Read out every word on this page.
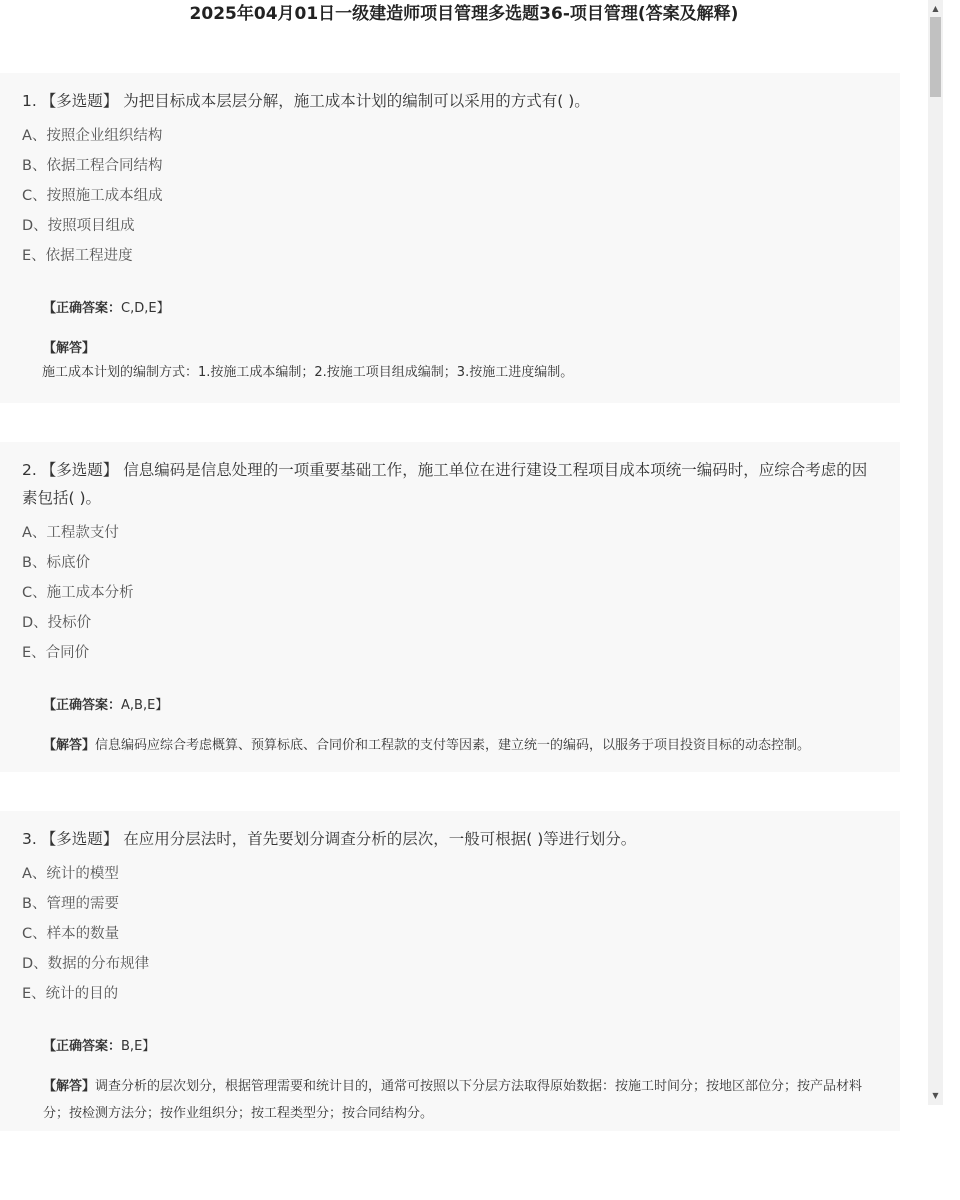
2025年04月01日一级建造师项目管理多选题36-项目管理(答案及解释)

1. 【多选题】 为把目标成本层层分解，施工成本计划的编制可以采用的方式有( )。

A、按照企业组织结构
B、依据工程合同结构
C、按照施工成本组成
D、按照项目组成
E、依据工程进度
【正确答案：C,D,E】
【解答】
施工成本计划的编制方式：1.按施工成本编制；2.按施工项目组成编制；3.按施工进度编制。

2. 【多选题】 信息编码是信息处理的一项重要基础工作，施工单位在进行建设工程项目成本项统一编码时，应综合考虑的因素包括( )。

A、工程款支付
B、标底价
C、施工成本分析
D、投标价
E、合同价
【正确答案：A,B,E】
【解答】信息编码应综合考虑概算、预算标底、合同价和工程款的支付等因素，建立统一的编码，以服务于项目投资目标的动态控制。

3. 【多选题】 在应用分层法时，首先要划分调查分析的层次，一般可根据( )等进行划分。

A、统计的模型
B、管理的需要
C、样本的数量
D、数据的分布规律
E、统计的目的
【正确答案：B,E】
【解答】调查分析的层次划分，根据管理需要和统计目的，通常可按照以下分层方法取得原始数据：按施工时间分；按地区部位分；按产品材料分；按检测方法分；按作业组织分；按工程类型分；按合同结构分。
▲
▼
